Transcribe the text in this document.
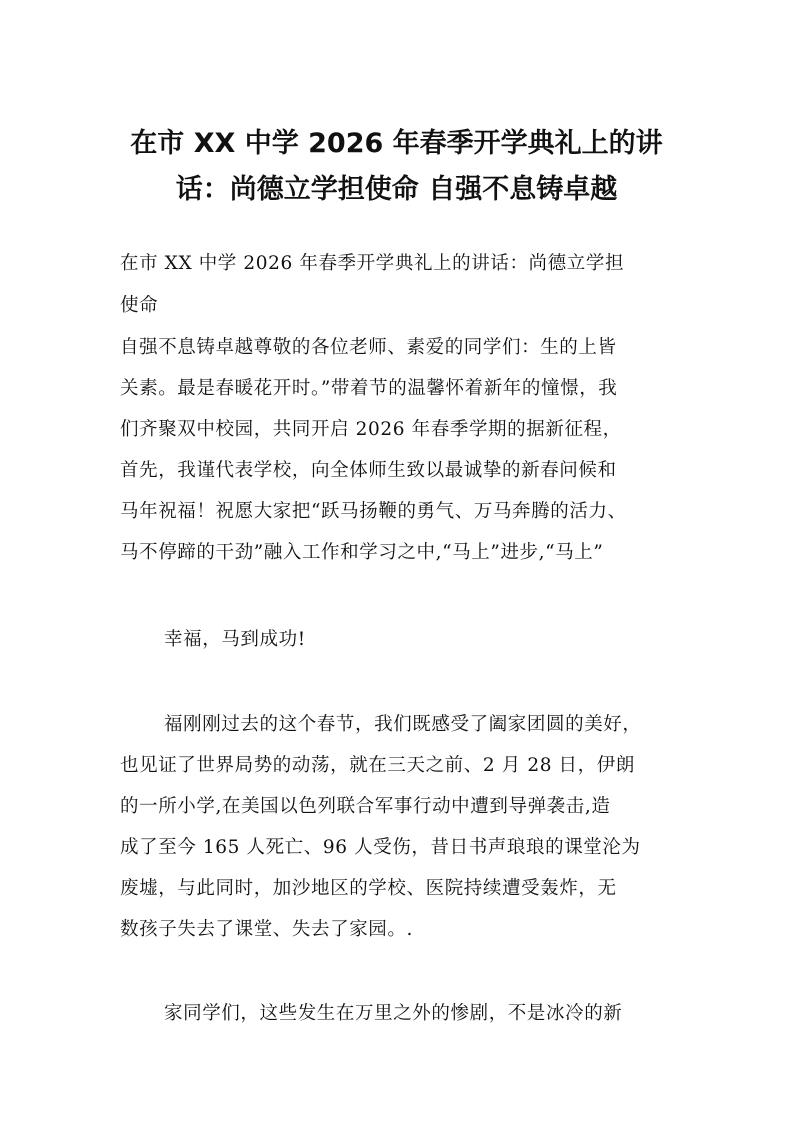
在市 XX 中学 2026 年春季开学典礼上的讲
话：尚德立学担使命 自强不息铸卓越

在市 XX 中学 2026 年春季开学典礼上的讲话：尚德立学担

使命

自强不息铸卓越尊敬的各位老师、素爱的同学们：生的上皆

关素。最是春暖花开时。”带着节的温馨怀着新年的憧憬，我

们齐聚双中校园，共同开启 2026 年春季学期的据新征程，

首先，我谨代表学校，向全体师生致以最诚挚的新春问候和

马年祝福！祝愿大家把“跃马扬鞭的勇气、万马奔腾的活力、

马不停蹄的干劲”融入工作和学习之中,“马上”进步,“马上”

幸福，马到成功!

福刚刚过去的这个春节，我们既感受了阖家团圆的美好，

也见证了世界局势的动荡，就在三天之前、2 月 28 日，伊朗

的一所小学,在美国以色列联合军事行动中遭到导弹袭击,造

成了至今 165 人死亡、96 人受伤，昔日书声琅琅的课堂沦为

废墟，与此同时，加沙地区的学校、医院持续遭受轰炸，无

数孩子失去了课堂、失去了家园。.

家同学们，这些发生在万里之外的惨剧，不是冰冷的新
